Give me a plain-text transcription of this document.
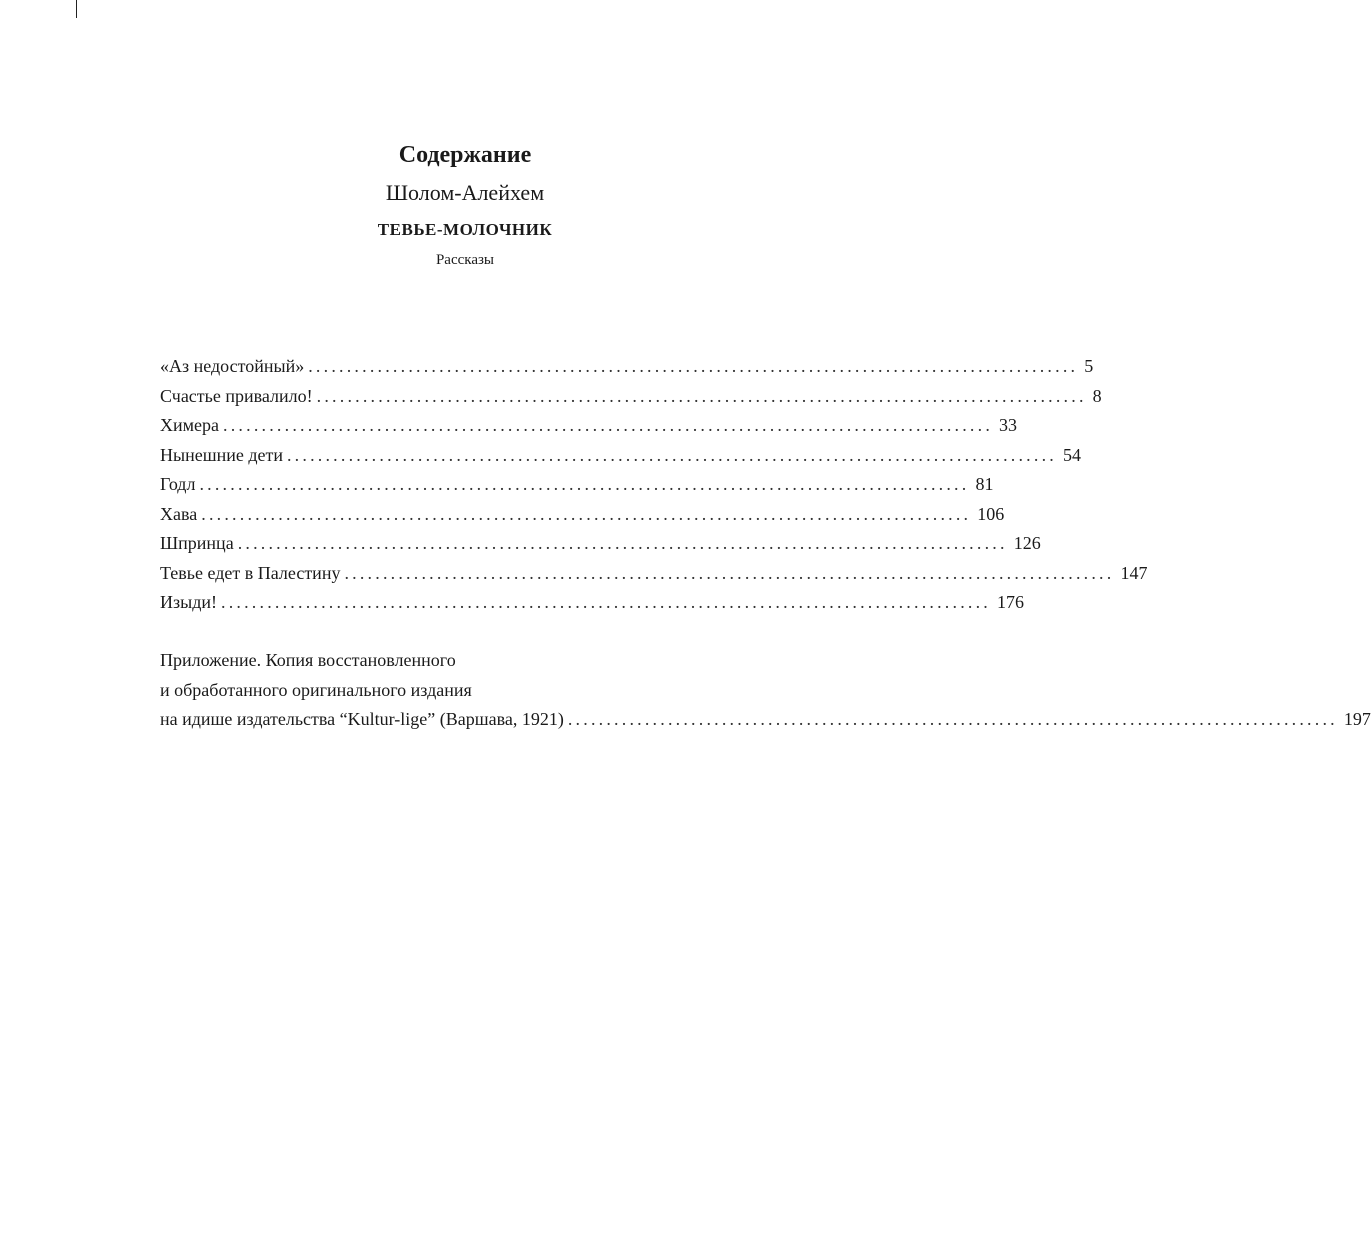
Содержание
Шолом-Алейхем
ТЕВЬЕ-МОЛОЧНИК
Рассказы
«Аз недостойный» .................................................................................................... 5
Счастье привалило! .................................................................................................... 8
Химера .................................................................................................... 33
Нынешние дети .................................................................................................... 54
Годл .................................................................................................... 81
Хава .................................................................................................... 106
Шпринца .................................................................................................... 126
Тевье едет в Палестину .................................................................................................... 147
Изыди! .................................................................................................... 176
Приложение. Копия восстановленного
и обработанного оригинального издания
на идише издательства “Kultur-lige” (Варшава, 1921) .................................................................................................... 197
